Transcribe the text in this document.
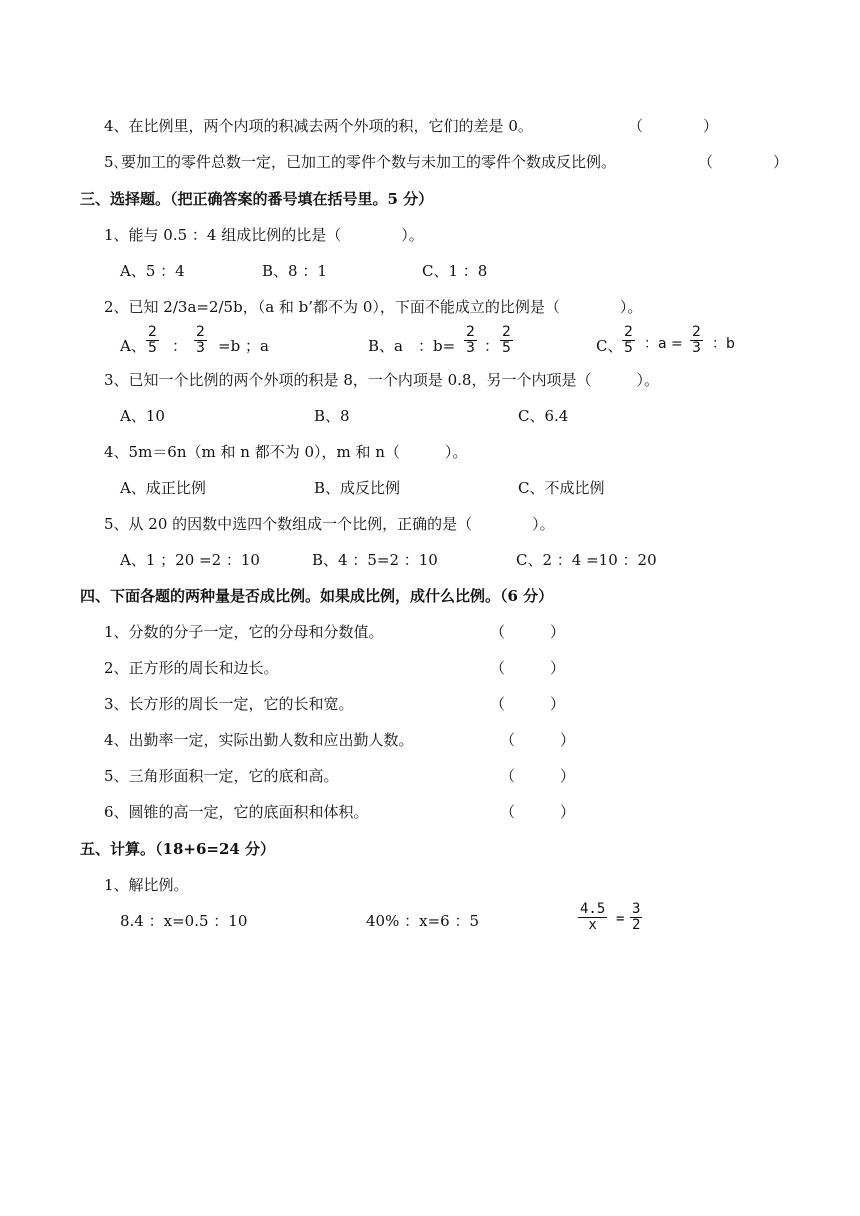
4、在比例里，两个内项的积减去两个外项的积，它们的差是 0。	（　　　　）
5､要加工的零件总数一定，已加工的零件个数与未加工的零件个数成反比例。	（　　　　）
三、选择题。（把正确答案的番号填在括号里。5 分）
1、能与 0.5 ：4 组成比例的比是（　　　　）。
A、5 ：4	B、8 ：1	C、1 ：8
2、已知 2/3a=2/5b，（a 和 b’都不为 0），下面不能成立的比例是（　　　　）。
A、 $\frac{2}{5}$ ： $\frac{2}{3} =b$ ；a	B、a　：$b= \frac{2}{3}$ ： $\frac{2}{5}$	C、 $\frac{2}{5}$ ：$a = \frac{2}{3}$ ：b
3、已知一个比例的两个外项的积是 8，一个内项是 0.8，另一个内项是（　　　）。
A、10	B、8	C、6.4
4、5m＝6n（m 和 n 都不为 0），m 和 n（　　　）。
A、成正比例	B、成反比例	C、不成比例
5、从 20 的因数中选四个数组成一个比例，正确的是（　　　　）。
A、1 ；20 =2 ：10	B、4 ：5=2 ：10	C、2 ：4 =10 ：20
四、下面各题的两种量是否成比例。如果成比例，成什么比例。（6 分）
1、分数的分子一定，它的分母和分数值。	（　　　）
2、正方形的周长和边长。	（　　　）
3、长方形的周长一定，它的长和宽。	（　　　）
4、出勤率一定，实际出勤人数和应出勤人数。	（　　　）
5、三角形面积一定，它的底和高。	（　　　）
6、圆锥的高一定，它的底面积和体积。	（　　　）
五、计算。（18+6=24 分）
1、解比例。
8.4 ：x=0.5 ：10	40% ：x=6 ：5	$\frac{4.5}{x} = \frac{3}{2}$
